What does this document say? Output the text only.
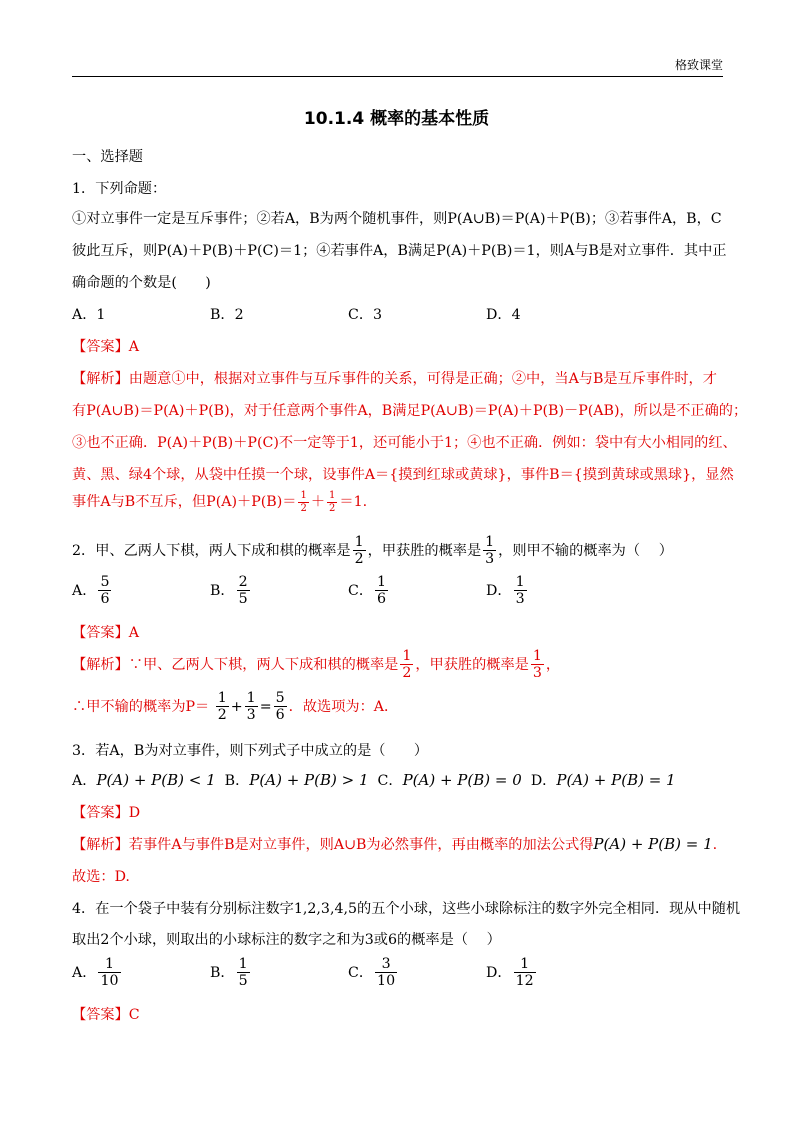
格致课堂
10.1.4 概率的基本性质
一、选择题
1．下列命题：
①对立事件一定是互斥事件；②若A，B为两个随机事件，则P(A∪B)＝P(A)＋P(B)；③若事件A，B，C
彼此互斥，则P(A)＋P(B)＋P(C)＝1；④若事件A，B满足P(A)＋P(B)＝1，则A与B是对立事件．其中正
确命题的个数是(　　)
A．1	B．2	C．3	D．4
【答案】A
【解析】由题意①中，根据对立事件与互斥事件的关系，可得是正确；②中，当A与B是互斥事件时，才
有P(A∪B)＝P(A)＋P(B)，对于任意两个事件A，B满足P(A∪B)＝P(A)＋P(B)－P(AB)，所以是不正确的；
③也不正确．P(A)＋P(B)＋P(C)不一定等于1，还可能小于1；④也不正确．例如：袋中有大小相同的红、
黄、黑、绿4个球，从袋中任摸一个球，设事件A＝{摸到红球或黄球}，事件B＝{摸到黄球或黑球}，显然
事件A与B不互斥，但$P(A)+P(B)= \frac{1}{2} + \frac{1}{2} =1$.
2．甲、乙两人下棋，两人下成和棋的概率是 $\frac{1}{2}$ ，甲获胜的概率是 $\frac{1}{3}$ ，则甲不输的概率为（　 ）
A． $\frac{5}{6}$	B． $\frac{2}{5}$	C． $\frac{1}{6}$	D． $\frac{1}{3}$
【答案】A
【解析】∵甲、乙两人下棋，两人下成和棋的概率是 $\frac{1}{2}$ ，甲获胜的概率是 $\frac{1}{3}$ ，
∴甲不输的概率为$P= \frac{1}{2} + \frac{1}{3} = \frac{5}{6}$ ．故选项为：A．
3．若A，B为对立事件，则下列式子中成立的是（　　）
A．P(A) + P(B) < 1 B．P(A) + P(B) > 1 C．P(A) + P(B) = 0 D．P(A) + P(B) = 1
【答案】D
【解析】若事件A与事件B是对立事件，则A∪B为必然事件，再由概率的加法公式得P(A) + P(B) = 1.
故选：D.
4．在一个袋子中装有分别标注数字1,2,3,4,5的五个小球，这些小球除标注的数字外完全相同．现从中随机
取出2个小球，则取出的小球标注的数字之和为3或6的概率是（　 ）
A． $\frac{1}{10}$	B． $\frac{1}{5}$	C． $\frac{3}{10}$	D． $\frac{1}{12}$
【答案】C
